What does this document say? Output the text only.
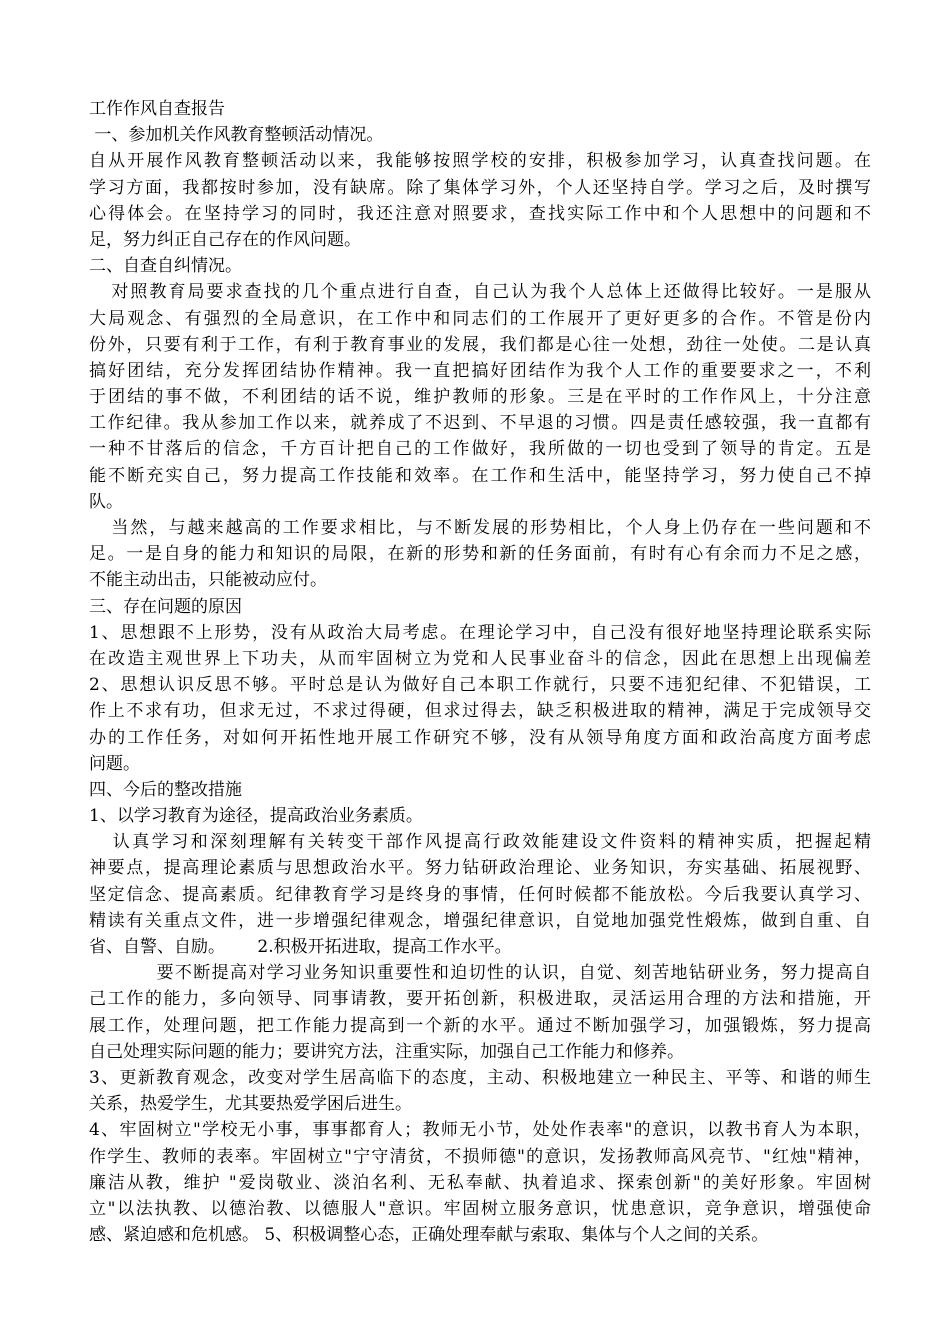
工作作风自查报告
一、参加机关作风教育整顿活动情况。
自从开展作风教育整顿活动以来，我能够按照学校的安排，积极参加学习，认真查找问题。在
学习方面，我都按时参加，没有缺席。除了集体学习外，个人还坚持自学。学习之后，及时撰写
心得体会。在坚持学习的同时，我还注意对照要求，查找实际工作中和个人思想中的问题和不
足，努力纠正自己存在的作风问题。
二、自查自纠情况。
对照教育局要求查找的几个重点进行自查，自己认为我个人总体上还做得比较好。一是服从
大局观念、有强烈的全局意识，在工作中和同志们的工作展开了更好更多的合作。不管是份内
份外，只要有利于工作，有利于教育事业的发展，我们都是心往一处想，劲往一处使。二是认真
搞好团结，充分发挥团结协作精神。我一直把搞好团结作为我个人工作的重要要求之一，不利
于团结的事不做，不利团结的话不说，维护教师的形象。三是在平时的工作作风上，十分注意
工作纪律。我从参加工作以来，就养成了不迟到、不早退的习惯。四是责任感较强，我一直都有
一种不甘落后的信念，千方百计把自己的工作做好，我所做的一切也受到了领导的肯定。五是
能不断充实自己，努力提高工作技能和效率。在工作和生活中，能坚持学习，努力使自己不掉
队。
当然，与越来越高的工作要求相比，与不断发展的形势相比，个人身上仍存在一些问题和不
足。一是自身的能力和知识的局限，在新的形势和新的任务面前，有时有心有余而力不足之感，
不能主动出击，只能被动应付。
三、存在问题的原因
1、思想跟不上形势，没有从政治大局考虑。在理论学习中，自己没有很好地坚持理论联系实际
在改造主观世界上下功夫，从而牢固树立为党和人民事业奋斗的信念，因此在思想上出现偏差
2、思想认识反思不够。平时总是认为做好自己本职工作就行，只要不违犯纪律、不犯错误，工
作上不求有功，但求无过，不求过得硬，但求过得去，缺乏积极进取的精神，满足于完成领导交
办的工作任务，对如何开拓性地开展工作研究不够，没有从领导角度方面和政治高度方面考虑
问题。
四、今后的整改措施
1、以学习教育为途径，提高政治业务素质。
认真学习和深刻理解有关转变干部作风提高行政效能建设文件资料的精神实质，把握起精
神要点，提高理论素质与思想政治水平。努力钻研政治理论、业务知识，夯实基础、拓展视野、
坚定信念、提高素质。纪律教育学习是终身的事情，任何时候都不能放松。今后我要认真学习、
精读有关重点文件，进一步增强纪律观念，增强纪律意识，自觉地加强党性煅炼，做到自重、自
省、自警、自励。      2.积极开拓进取，提高工作水平。
要不断提高对学习业务知识重要性和迫切性的认识，自觉、刻苦地钻研业务，努力提高自
己工作的能力，多向领导、同事请教，要开拓创新，积极进取，灵活运用合理的方法和措施，开
展工作，处理问题，把工作能力提高到一个新的水平。通过不断加强学习，加强锻炼，努力提高
自己处理实际问题的能力；要讲究方法，注重实际，加强自己工作能力和修养。
3、更新教育观念，改变对学生居高临下的态度，主动、积极地建立一种民主、平等、和谐的师生
关系，热爱学生，尤其要热爱学困后进生。
4、牢固树立"学校无小事，事事都育人；教师无小节，处处作表率"的意识，以教书育人为本职，
作学生、教师的表率。牢固树立"宁守清贫，不损师德"的意识，发扬教师高风亮节、"红烛"精神，
廉洁从教，维护 "爱岗敬业、淡泊名利、无私奉献、执着追求、探索创新"的美好形象。牢固树
立"以法执教、以德治教、以德服人"意识。牢固树立服务意识，忧患意识，竞争意识，增强使命
感、紧迫感和危机感。 5、积极调整心态，正确处理奉献与索取、集体与个人之间的关系。
